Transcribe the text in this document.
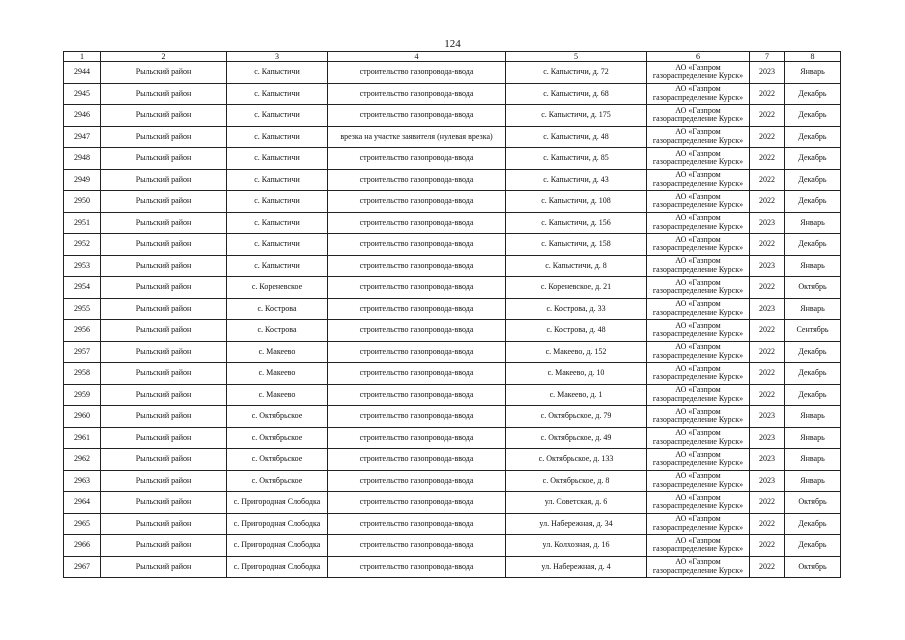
124
1	2	3	4	5	6	7	8
2944	Рыльский район	с. Капыстичи	строительство газопровода-ввода	с. Капыстичи, д. 72	АО «Газпром газораспределение Курск»	2023	Январь
2945	Рыльский район	с. Капыстичи	строительство газопровода-ввода	с. Капыстичи, д. 68	АО «Газпром газораспределение Курск»	2022	Декабрь
2946	Рыльский район	с. Капыстичи	строительство газопровода-ввода	с. Капыстичи, д. 175	АО «Газпром газораспределение Курск»	2022	Декабрь
2947	Рыльский район	с. Капыстичи	врезка на участке заявителя (нулевая врезка)	с. Капыстичи, д. 48	АО «Газпром газораспределение Курск»	2022	Декабрь
2948	Рыльский район	с. Капыстичи	строительство газопровода-ввода	с. Капыстичи, д. 85	АО «Газпром газораспределение Курск»	2022	Декабрь
2949	Рыльский район	с. Капыстичи	строительство газопровода-ввода	с. Капыстичи, д. 43	АО «Газпром газораспределение Курск»	2022	Декабрь
2950	Рыльский район	с. Капыстичи	строительство газопровода-ввода	с. Капыстичи, д. 108	АО «Газпром газораспределение Курск»	2022	Декабрь
2951	Рыльский район	с. Капыстичи	строительство газопровода-ввода	с. Капыстичи, д. 156	АО «Газпром газораспределение Курск»	2023	Январь
2952	Рыльский район	с. Капыстичи	строительство газопровода-ввода	с. Капыстичи, д. 158	АО «Газпром газораспределение Курск»	2022	Декабрь
2953	Рыльский район	с. Капыстичи	строительство газопровода-ввода	с. Капыстичи, д. 8	АО «Газпром газораспределение Курск»	2023	Январь
2954	Рыльский район	с. Кореневское	строительство газопровода-ввода	с. Кореневское, д. 21	АО «Газпром газораспределение Курск»	2022	Октябрь
2955	Рыльский район	с. Кострова	строительство газопровода-ввода	с. Кострова, д. 33	АО «Газпром газораспределение Курск»	2023	Январь
2956	Рыльский район	с. Кострова	строительство газопровода-ввода	с. Кострова, д. 48	АО «Газпром газораспределение Курск»	2022	Сентябрь
2957	Рыльский район	с. Макеево	строительство газопровода-ввода	с. Макеево, д. 152	АО «Газпром газораспределение Курск»	2022	Декабрь
2958	Рыльский район	с. Макеево	строительство газопровода-ввода	с. Макеево, д. 10	АО «Газпром газораспределение Курск»	2022	Декабрь
2959	Рыльский район	с. Макеево	строительство газопровода-ввода	с. Макеево, д. 1	АО «Газпром газораспределение Курск»	2022	Декабрь
2960	Рыльский район	с. Октябрьское	строительство газопровода-ввода	с. Октябрьское, д. 79	АО «Газпром газораспределение Курск»	2023	Январь
2961	Рыльский район	с. Октябрьское	строительство газопровода-ввода	с. Октябрьское, д. 49	АО «Газпром газораспределение Курск»	2023	Январь
2962	Рыльский район	с. Октябрьское	строительство газопровода-ввода	с. Октябрьское, д. 133	АО «Газпром газораспределение Курск»	2023	Январь
2963	Рыльский район	с. Октябрьское	строительство газопровода-ввода	с. Октябрьское, д. 8	АО «Газпром газораспределение Курск»	2023	Январь
2964	Рыльский район	с. Пригородная Слободка	строительство газопровода-ввода	ул. Советская, д. 6	АО «Газпром газораспределение Курск»	2022	Октябрь
2965	Рыльский район	с. Пригородная Слободка	строительство газопровода-ввода	ул. Набережная, д. 34	АО «Газпром газораспределение Курск»	2022	Декабрь
2966	Рыльский район	с. Пригородная Слободка	строительство газопровода-ввода	ул. Колхозная, д. 16	АО «Газпром газораспределение Курск»	2022	Декабрь
2967	Рыльский район	с. Пригородная Слободка	строительство газопровода-ввода	ул. Набережная, д. 4	АО «Газпром газораспределение Курск»	2022	Октябрь
